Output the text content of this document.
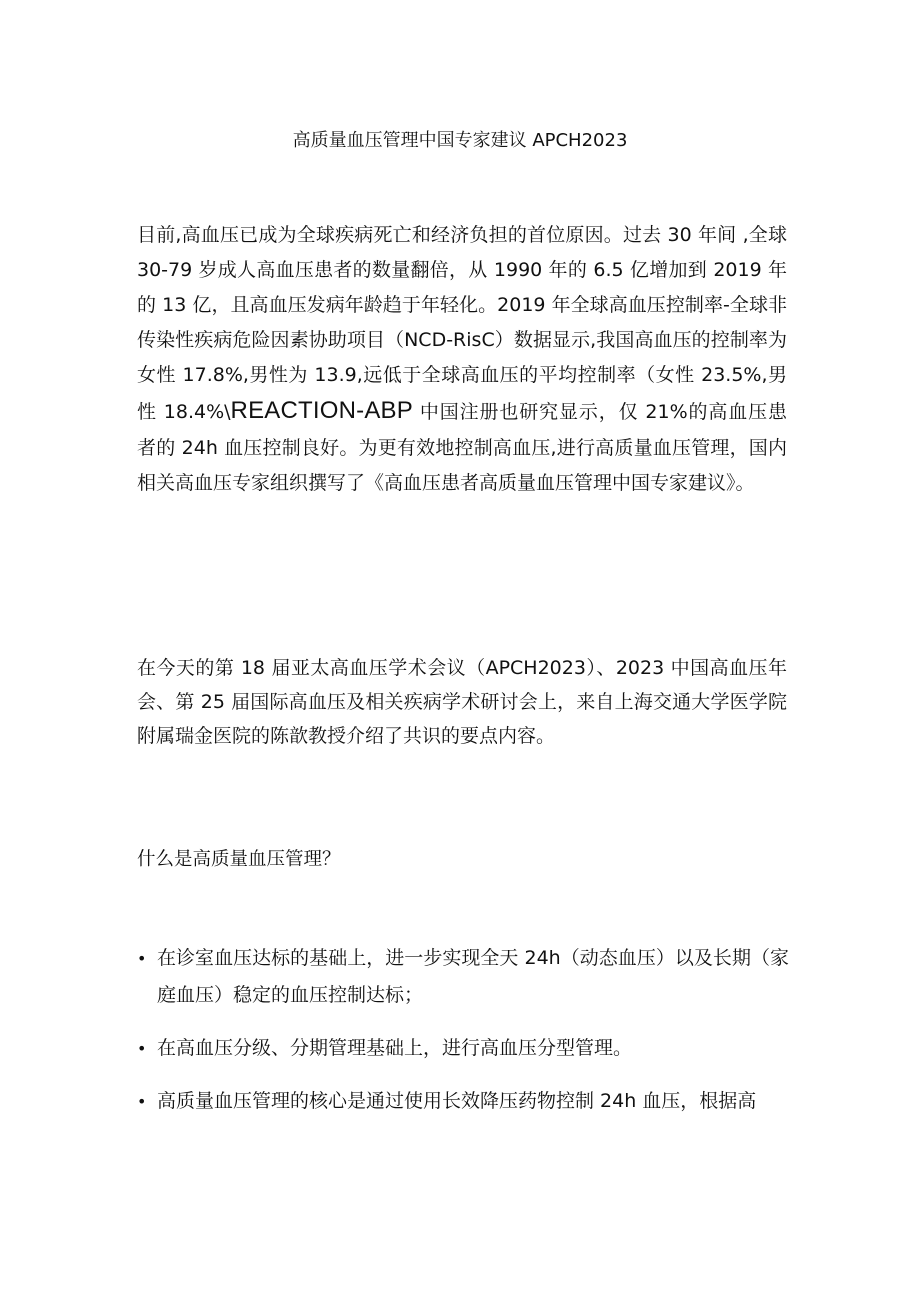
高质量血压管理中国专家建议 APCH2023

目前,高血压已成为全球疾病死亡和经济负担的首位原因。过去 30 年间 ,全球 30-79 岁成人高血压患者的数量翻倍，从 1990 年的 6.5 亿增加到 2019 年的 13 亿，且高血压发病年龄趋于年轻化。2019 年全球高血压控制率-全球非传染性疾病危险因素协助项目（NCD-RisC）数据显示,我国高血压的控制率为女性 17.8%,男性为 13.9,远低于全球高血压的平均控制率（女性 23.5%,男性 18.4%\REACTION-ABP 中国注册也研究显示，仅 21%的高血压患者的 24h 血压控制良好。为更有效地控制高血压,进行高质量血压管理，国内相关高血压专家组织撰写了《高血压患者高质量血压管理中国专家建议》。

在今天的第 18 届亚太高血压学术会议（APCH2023）、2023 中国高血压年会、第 25 届国际高血压及相关疾病学术研讨会上，来自上海交通大学医学院附属瑞金医院的陈歆教授介绍了共识的要点内容。

什么是高质量血压管理？

• 在诊室血压达标的基础上，进一步实现全天 24h（动态血压）以及长期（家庭血压）稳定的血压控制达标；
• 在高血压分级、分期管理基础上，进行高血压分型管理。
• 高质量血压管理的核心是通过使用长效降压药物控制 24h 血压，根据高
